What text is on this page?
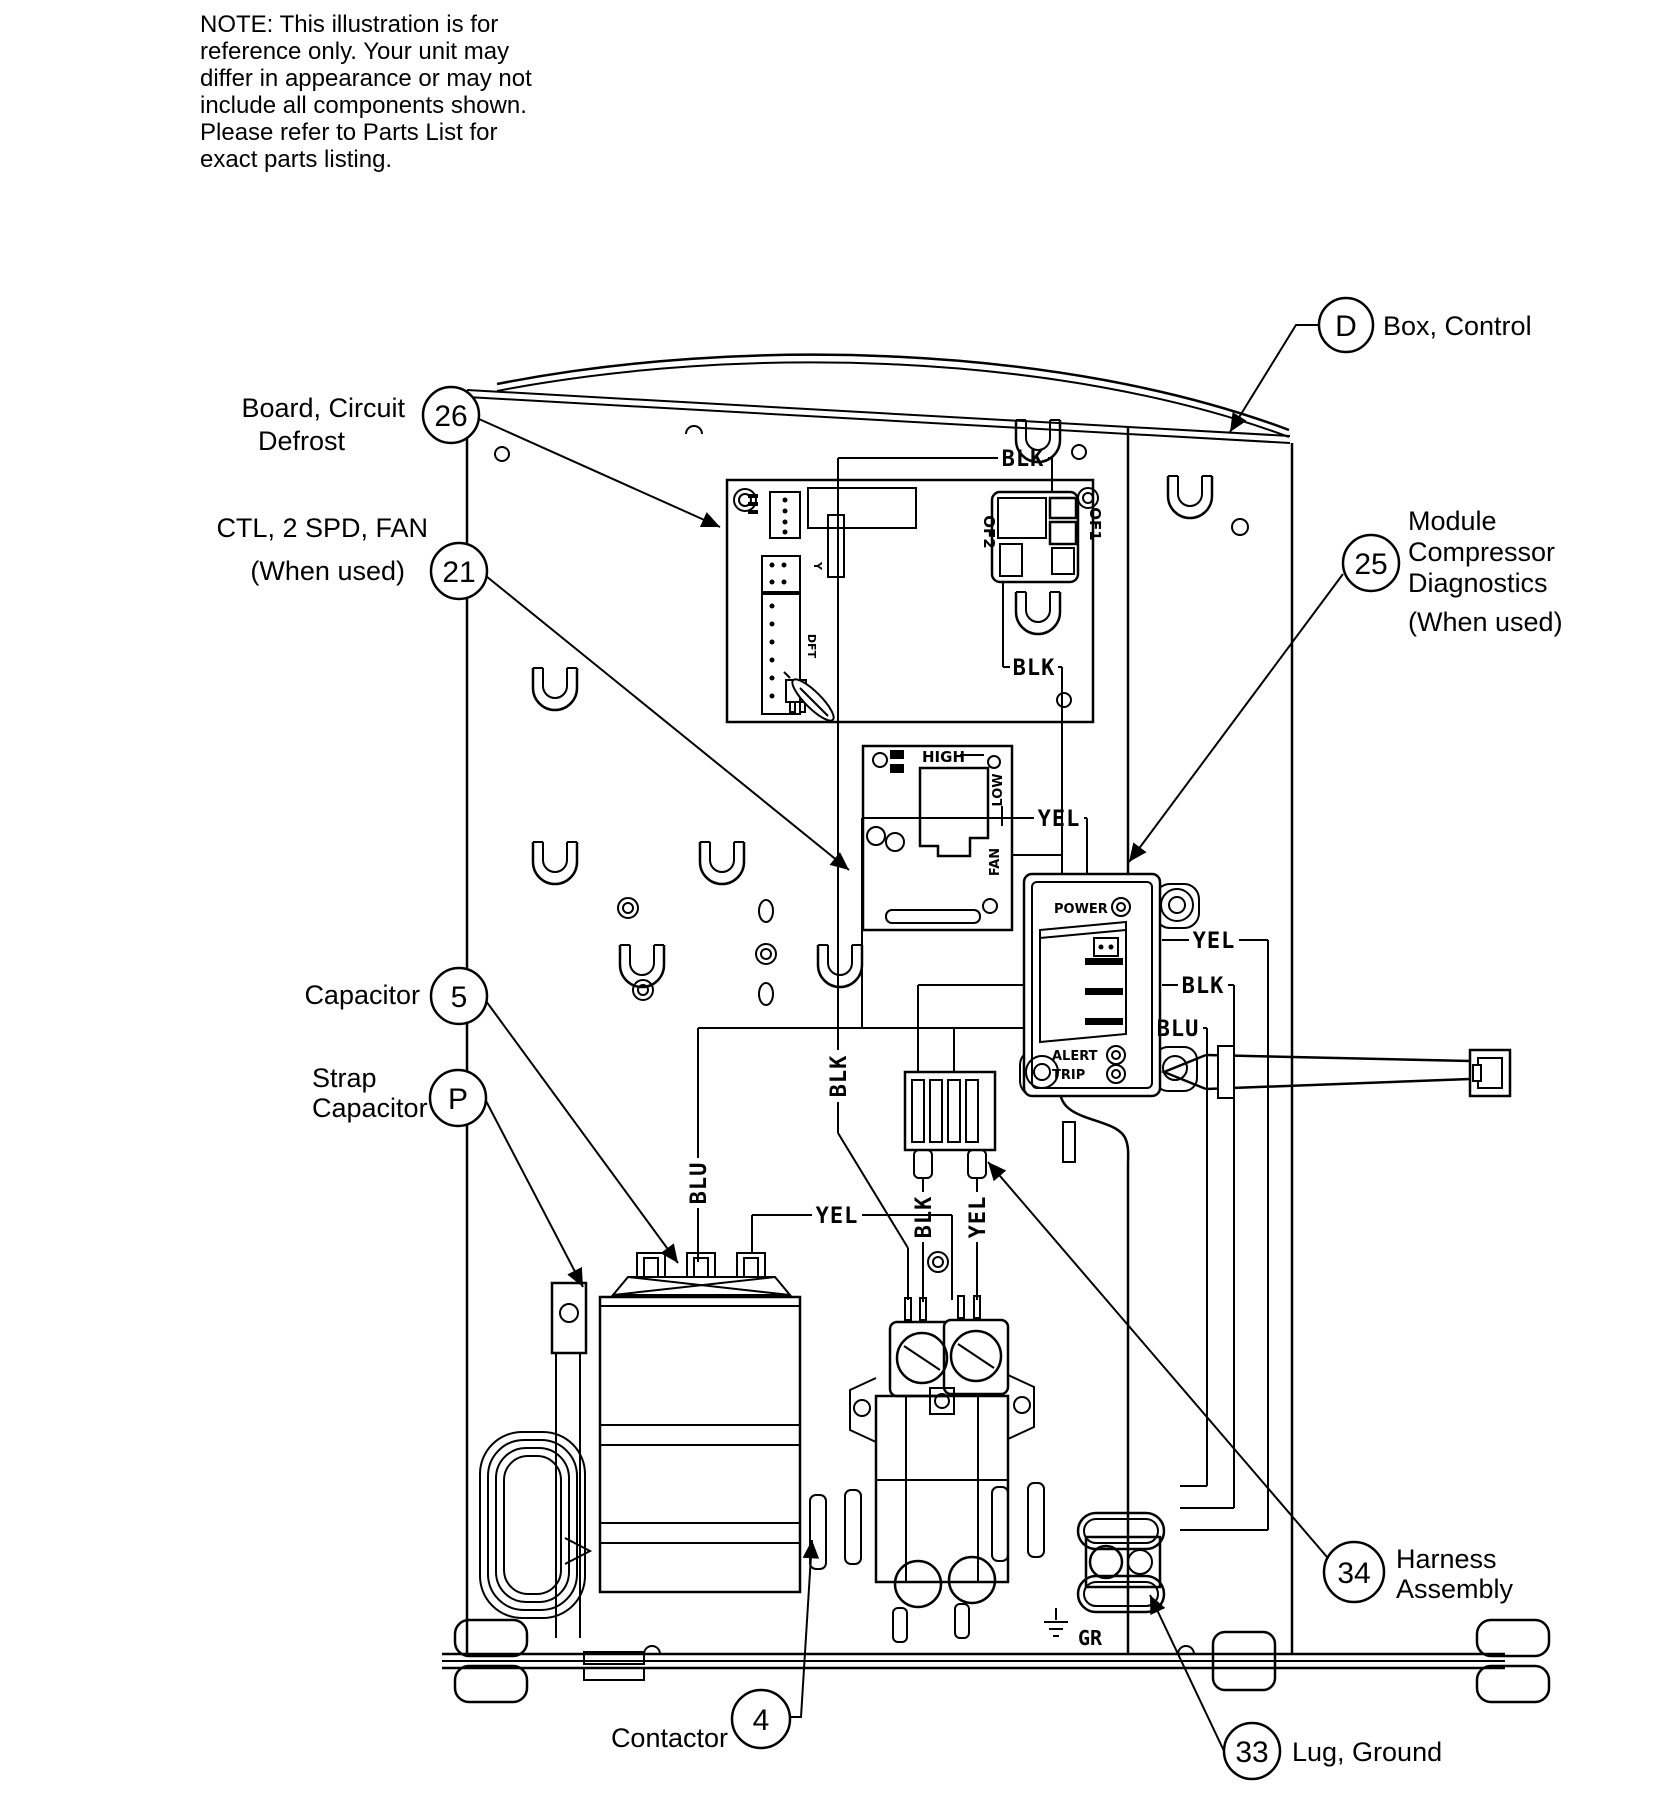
NOTE: This illustration is for
reference only. Your unit may
differ in appearance or may not
include all components shown.
Please refer to Parts List for
exact parts listing.
Y
DFT
OF1
OF2
HIGH
LOW
FAN
POWER
ALERT
TRIP
BLK
BLK
BLK
YEL
YEL
BLK
BLU
BLU
YEL BLK YEL
GR
D Box, Control
26
Board, Circuit
Defrost
21
CTL, 2 SPD, FAN
(When used)	25
Module
Compressor
Diagnostics
(When used)
5
Capacitor
P
Strap
Capacitor
34 Harness
Assembly
4
Contactor	33 Lug, Ground
